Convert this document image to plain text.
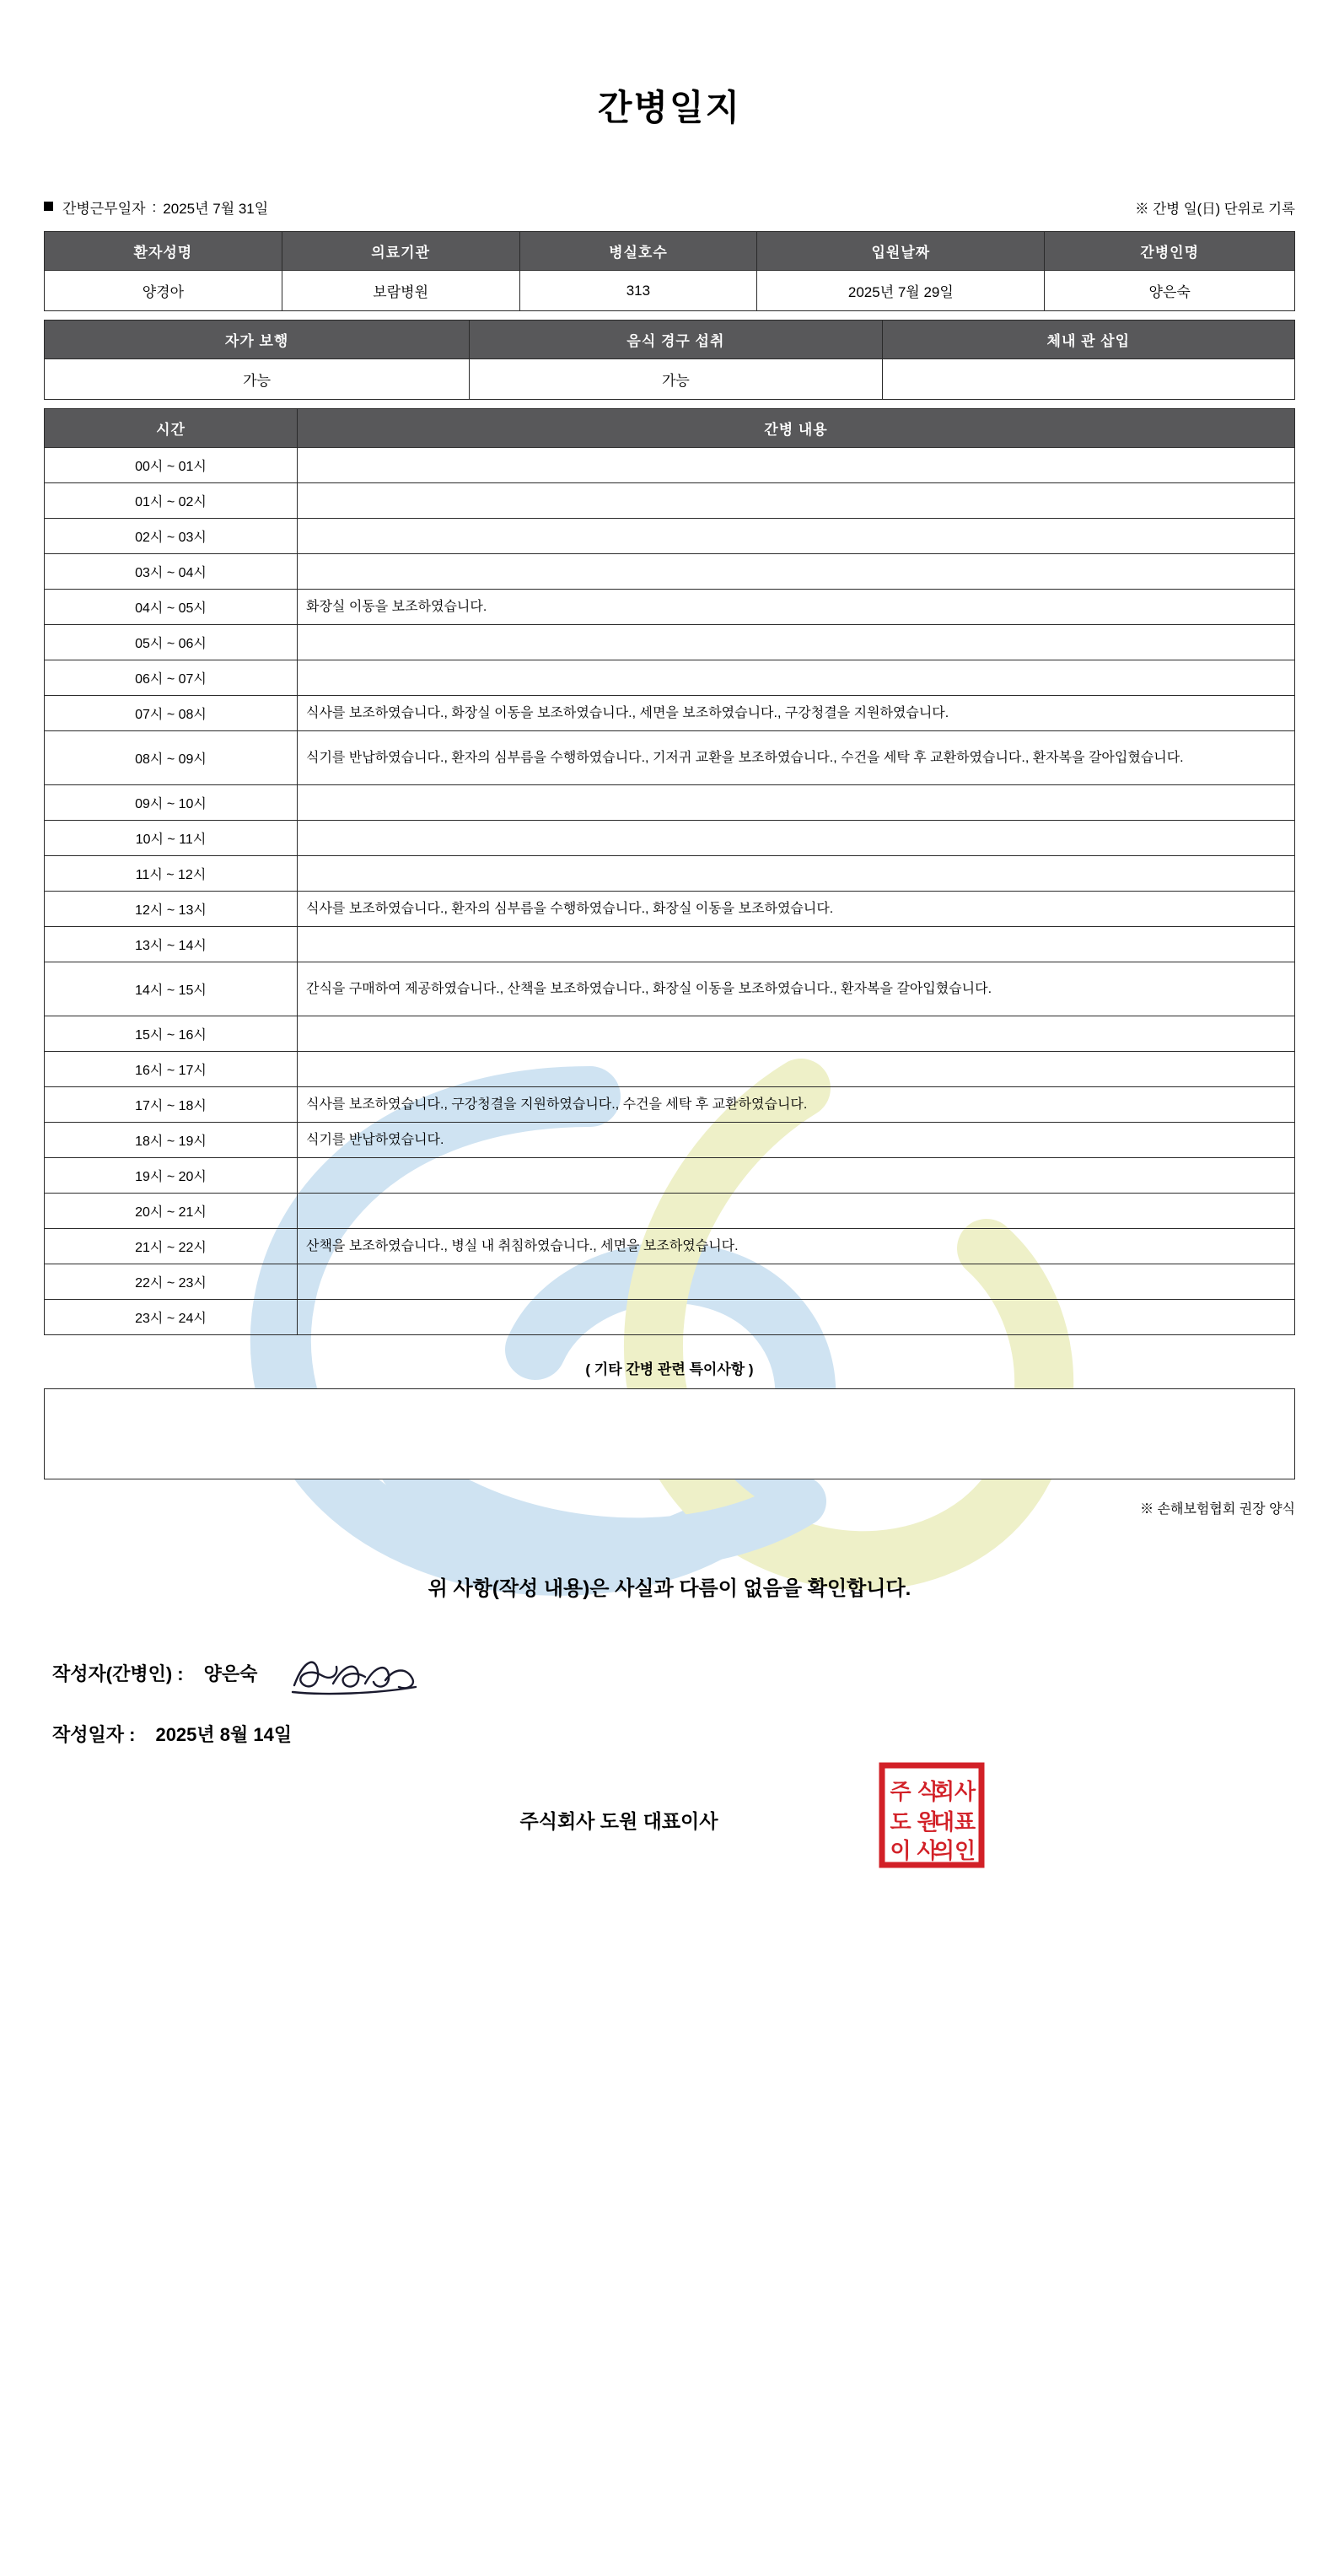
간병일지
간병근무일자 : 2025년 7월 31일	※ 간병 일(日) 단위로 기록
환자성명	의료기관	병실호수	입원날짜	간병인명
양경아	보람병원	313	2025년 7월 29일	양은숙
자가 보행	음식 경구 섭취	체내 관 삽입
가능	가능	
시간	간병 내용
00시 ~ 01시	
01시 ~ 02시	
02시 ~ 03시	
03시 ~ 04시	
04시 ~ 05시	화장실 이동을 보조하였습니다.
05시 ~ 06시	
06시 ~ 07시	
07시 ~ 08시	식사를 보조하였습니다., 화장실 이동을 보조하였습니다., 세면을 보조하였습니다., 구강청결을 지원하였습니다.
08시 ~ 09시	식기를 반납하였습니다., 환자의 심부름을 수행하였습니다., 기저귀 교환을 보조하였습니다., 수건을 세탁 후 교환하였습니다., 환자복을 갈아입혔습니다.
09시 ~ 10시	
10시 ~ 11시	
11시 ~ 12시	
12시 ~ 13시	식사를 보조하였습니다., 환자의 심부름을 수행하였습니다., 화장실 이동을 보조하였습니다.
13시 ~ 14시	
14시 ~ 15시	간식을 구매하여 제공하였습니다., 산책을 보조하였습니다., 화장실 이동을 보조하였습니다., 환자복을 갈아입혔습니다.
15시 ~ 16시	
16시 ~ 17시	
17시 ~ 18시	식사를 보조하였습니다., 구강청결을 지원하였습니다., 수건을 세탁 후 교환하였습니다.
18시 ~ 19시	식기를 반납하였습니다.
19시 ~ 20시	
20시 ~ 21시	
21시 ~ 22시	산책을 보조하였습니다., 병실 내 취침하였습니다., 세면을 보조하였습니다.
22시 ~ 23시	
23시 ~ 24시	
( 기타 간병 관련 특이사항 )
※ 손해보험협회 권장 양식
위 사항(작성 내용)은 사실과 다름이 없음을 확인합니다.
작성자(간병인) : 양은숙
작성일자 : 2025년 8월 14일
주식회사 도원 대표이사
주 식
회사
도 원
대표
이 사
의인
